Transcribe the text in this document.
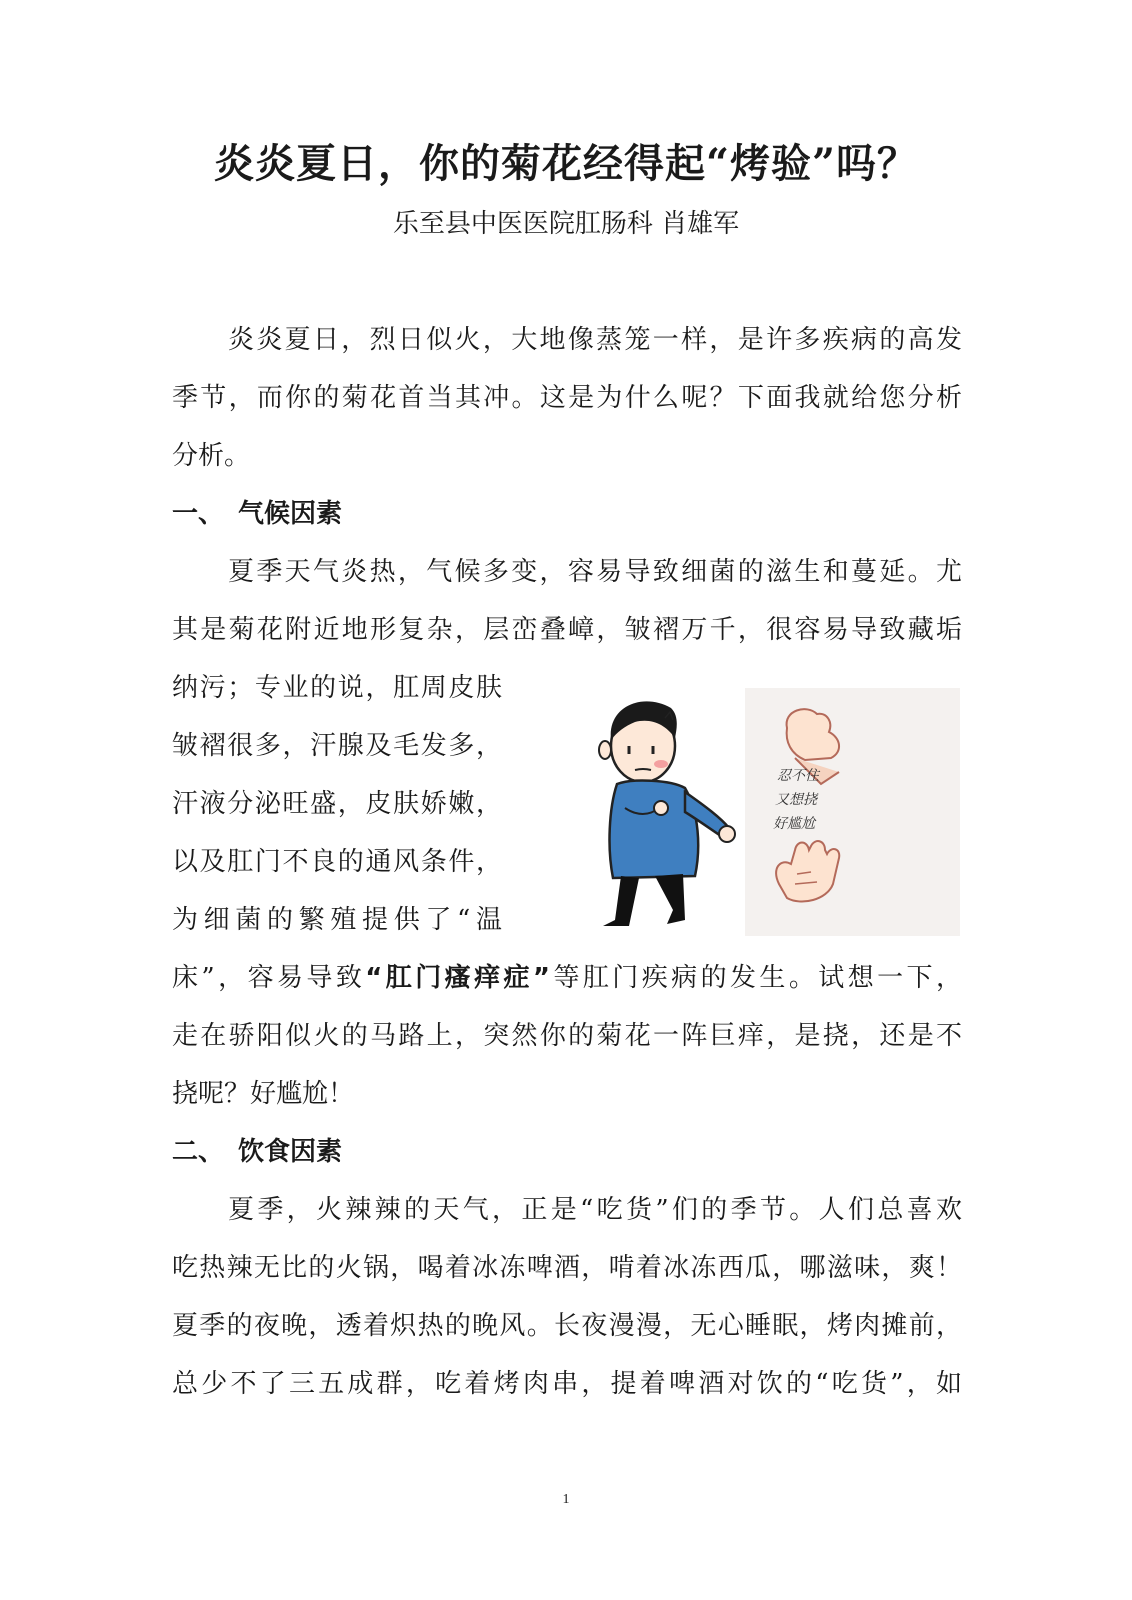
炎炎夏日，你的菊花经得起“烤验”吗？
乐至县中医医院肛肠科 肖雄军
炎炎夏日，烈日似火，大地像蒸笼一样，是许多疾病的高发
季节，而你的菊花首当其冲。这是为什么呢？下面我就给您分析
分析。
一、 气候因素
夏季天气炎热，气候多变，容易导致细菌的滋生和蔓延。尤
其是菊花附近地形复杂，层峦叠嶂，皱褶万千，很容易导致藏垢
纳污；专业的说，肛周皮肤
皱褶很多，汗腺及毛发多，
汗液分泌旺盛，皮肤娇嫩，
以及肛门不良的通风条件，
为细菌的繁殖提供了“温
床”，容易导致“肛门瘙痒症”等肛门疾病的发生。试想一下，
走在骄阳似火的马路上，突然你的菊花一阵巨痒，是挠，还是不
挠呢？好尴尬！
忍不住
又想挠
好尴尬
二、 饮食因素
夏季，火辣辣的天气，正是“吃货”们的季节。人们总喜欢
吃热辣无比的火锅，喝着冰冻啤酒，啃着冰冻西瓜，哪滋味，爽！
夏季的夜晚，透着炽热的晚风。长夜漫漫，无心睡眠，烤肉摊前，
总少不了三五成群，吃着烤肉串，提着啤酒对饮的“吃货”，如
1
